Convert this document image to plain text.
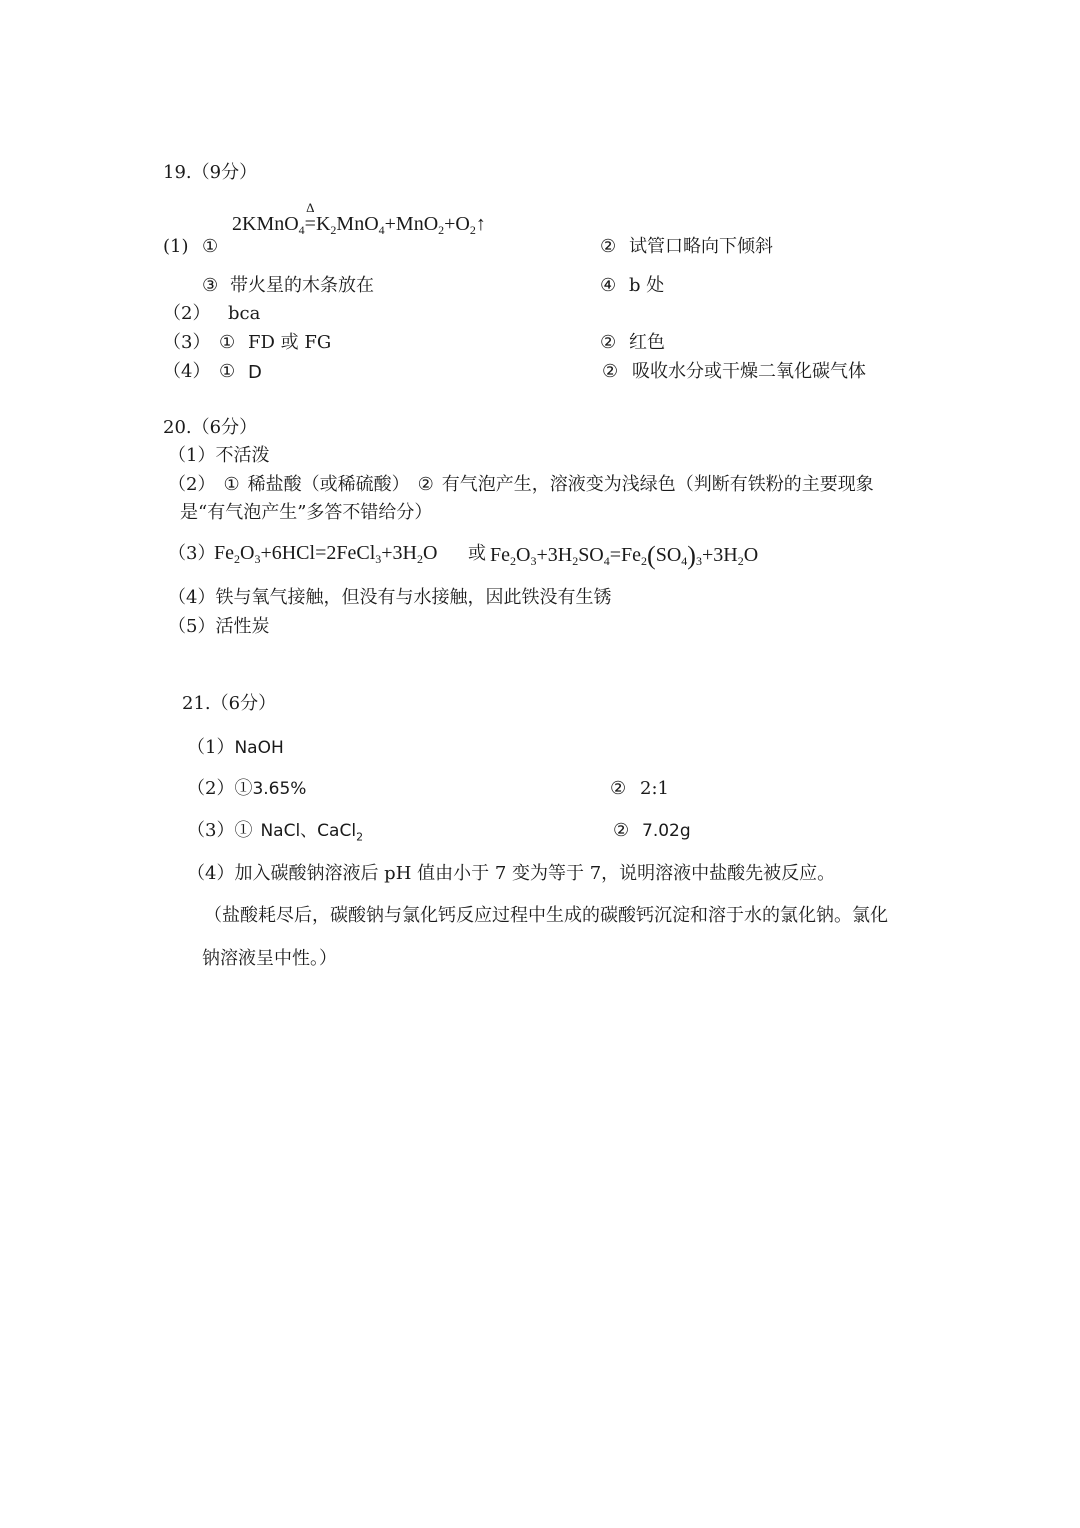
19.（9分）
2KMnO$_4$
Δ
$=K_2MnO_4+MnO_2+O_2↑$
(1) ①	② 试管口略向下倾斜
③ 带火星的木条放在	④ b 处
（2） bca
（3） ① FD 或 FG	② 红色
（4） ① D	② 吸收水分或干燥二氧化碳气体
20.（6分）
（1）不活泼
（2） ① 稀盐酸（或稀硫酸） ② 有气泡产生，溶液变为浅绿色（判断有铁粉的主要现象
是“有气泡产生”多答不错给分）
（3）
$Fe_2O_3+6HCl=2FeCl_3+3H_2O$ 或 $Fe_2O_3+3H_2SO_4=Fe_2(SO_4)_3+3H_2O$
（4）铁与氧气接触，但没有与水接触，因此铁没有生锈
（5）活性炭
21.（6分）
（1）NaOH
（2）①3.65%	② 2:1
（3）① NaCl、CaCl$_2$	② 7.02g
（4）加入碳酸钠溶液后 pH 值由小于 7 变为等于 7，说明溶液中盐酸先被反应。
（盐酸耗尽后，碳酸钠与氯化钙反应过程中生成的碳酸钙沉淀和溶于水的氯化钠。氯化
钠溶液呈中性。）
